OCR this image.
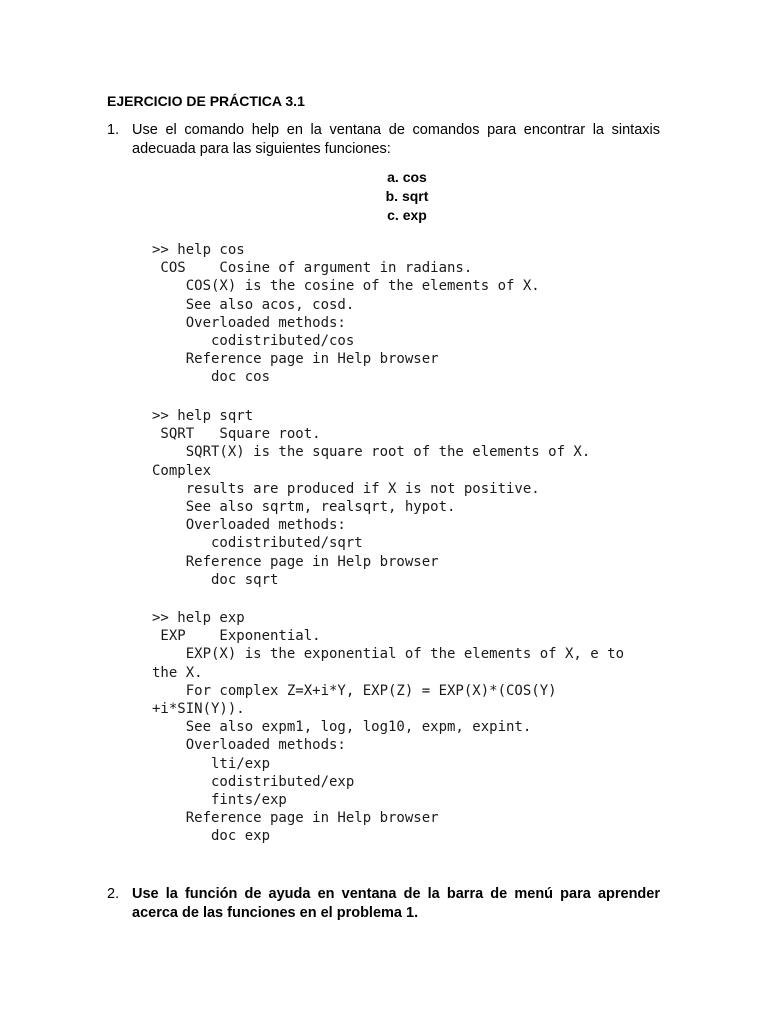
EJERCICIO DE PRÁCTICA 3.1
1. Use el comando help en la ventana de comandos para encontrar la sintaxis adecuada para las siguientes funciones:
a. cos
b. sqrt
c. exp
>> help cos
COS    Cosine of argument in radians.
COS(X) is the cosine of the elements of X.
See also acos, cosd.
Overloaded methods:
codistributed/cos
Reference page in Help browser
doc cos
>> help sqrt
SQRT   Square root.
SQRT(X) is the square root of the elements of X.
Complex
results are produced if X is not positive.
See also sqrtm, realsqrt, hypot.
Overloaded methods:
codistributed/sqrt
Reference page in Help browser
doc sqrt
>> help exp
EXP    Exponential.
EXP(X) is the exponential of the elements of X, e to
the X.
For complex Z=X+i*Y, EXP(Z) = EXP(X)*(COS(Y)
+i*SIN(Y)).
See also expm1, log, log10, expm, expint.
Overloaded methods:
lti/exp
codistributed/exp
fints/exp
Reference page in Help browser
doc exp
2. Use la función de ayuda en ventana de la barra de menú para aprender acerca de las funciones en el problema 1.
